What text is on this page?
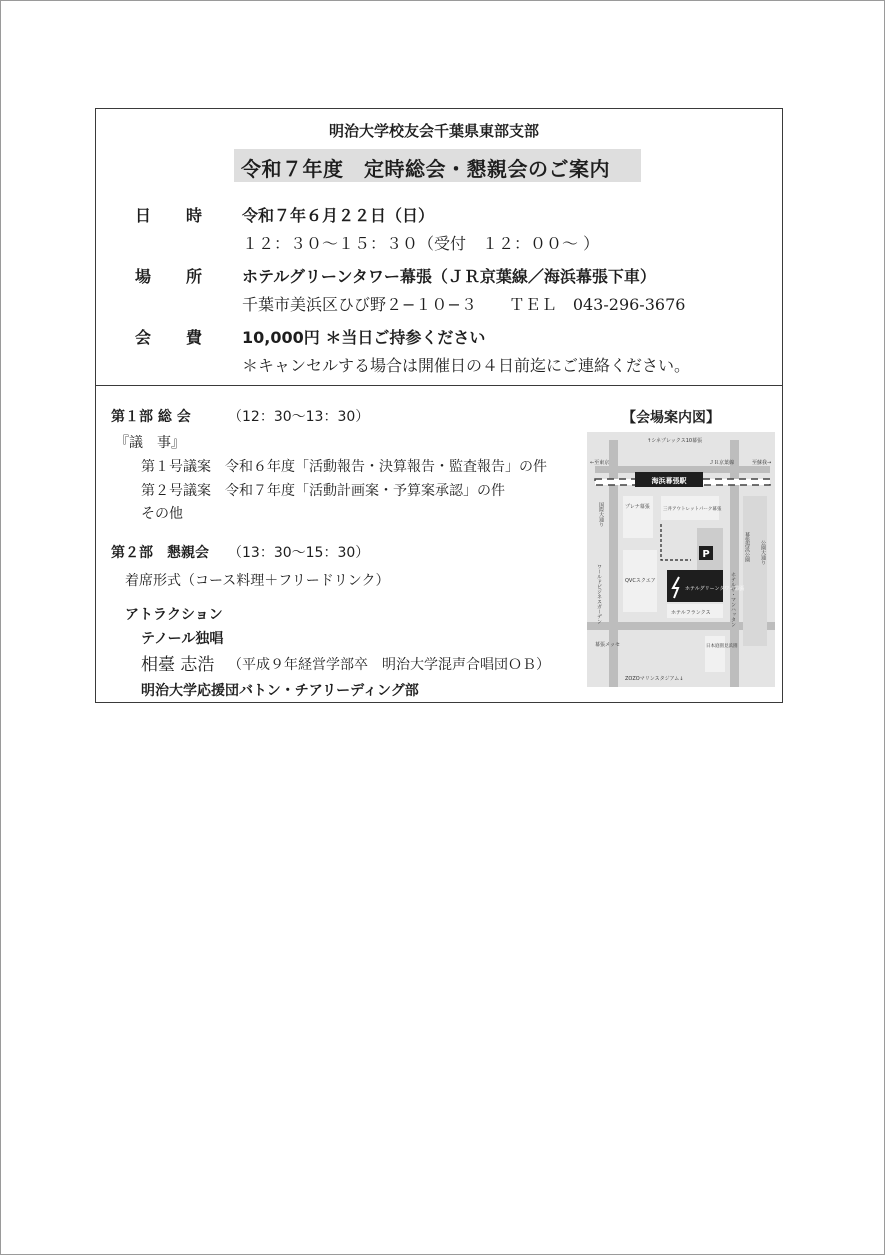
明治大学校友会千葉県東部支部
令和７年度　定時総会・懇親会のご案内
日　　時 令和７年６月２２日（日）
１２：３０〜１５：３０（受付　１２：００〜 ）
場　　所 ホテルグリーンタワー幕張（ＪＲ京葉線／海浜幕張下車）
千葉市美浜区ひび野２−１０−３　　ＴＥＬ　043-296-3676
会　　費 10,000円 ＊当日ご持参ください
＊キャンセルする場合は開催日の４日前迄にご連絡ください。
第１部 総 会	（12：30〜13：30）
『議　事』
第１号議案　令和６年度「活動報告・決算報告・監査報告」の件
第２号議案　令和７年度「活動計画案・予算案承認」の件
その他
第２部　懇親会 （13：30〜15：30）
着席形式（コース料理＋フリードリンク）
アトラクション
テノール独唱
相臺 志浩 （平成９年経営学部卒　明治大学混声合唱団ＯＢ）
明治大学応援団バトン・チアリーディング部
【会場案内図】
↑シネプレックス10幕張
←至東京	ＪＲ京葉線	至蘇我→
海浜幕張駅
プレナ幕張	三井アウトレットパーク幕張
幕張海浜公園
国際大通り
公園大通り
ワールドビジネスガーデン	QVCスクエア
ホテルグリーンタワー幕張
ホテルザ・マンハッタン
ホテルフランクス
幕張メッセ	日本庭園見浜園
ZOZOマリンスタジアム↓
P
